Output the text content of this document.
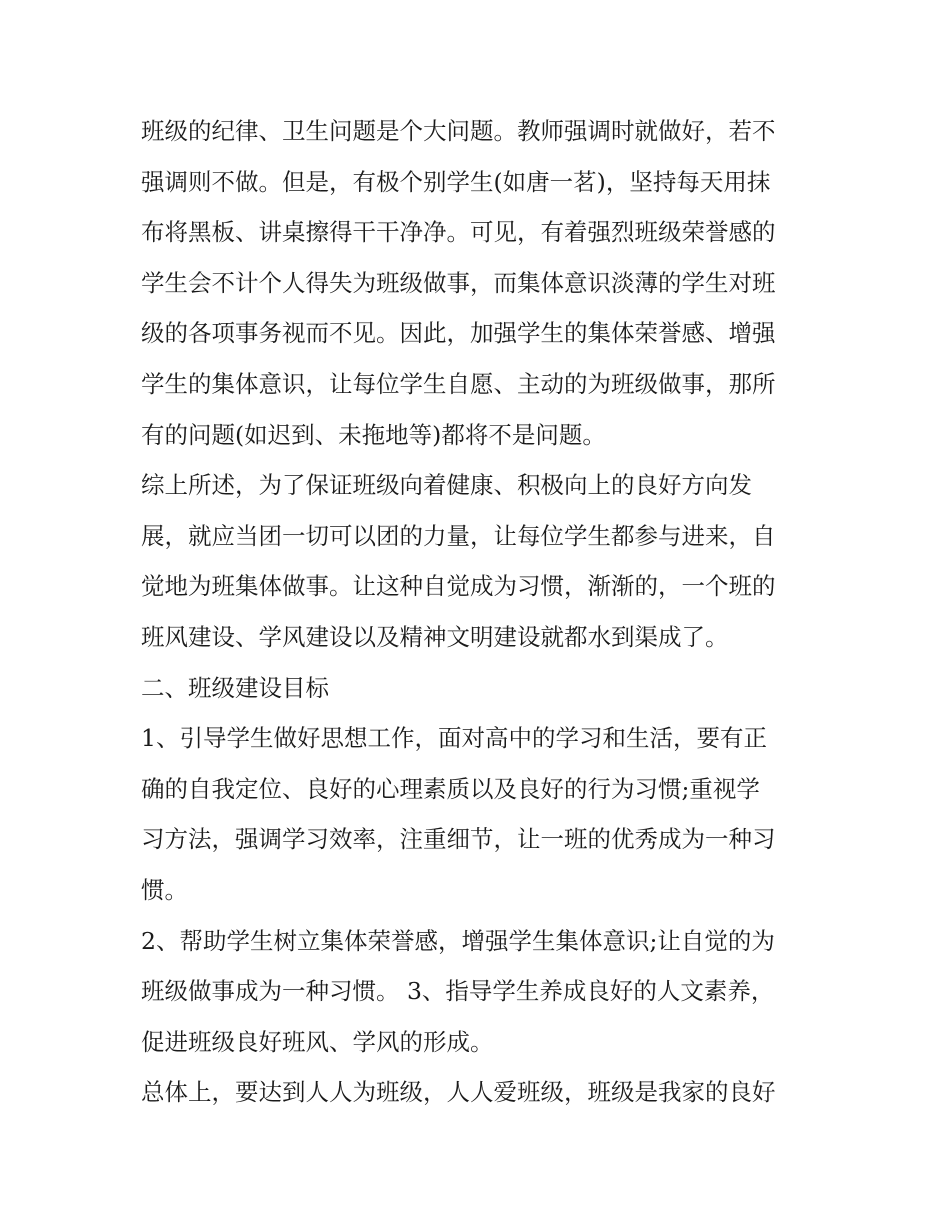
班级的纪律、卫生问题是个大问题。教师强调时就做好，若不
强调则不做。但是，有极个别学生(如唐一茗)，坚持每天用抹
布将黑板、讲桌擦得干干净净。可见，有着强烈班级荣誉感的
学生会不计个人得失为班级做事，而集体意识淡薄的学生对班
级的各项事务视而不见。因此，加强学生的集体荣誉感、增强
学生的集体意识，让每位学生自愿、主动的为班级做事，那所
有的问题(如迟到、未拖地等)都将不是问题。
综上所述，为了保证班级向着健康、积极向上的良好方向发
展，就应当团一切可以团的力量，让每位学生都参与进来，自
觉地为班集体做事。让这种自觉成为习惯，渐渐的，一个班的
班风建设、学风建设以及精神文明建设就都水到渠成了。
二、班级建设目标
1、引导学生做好思想工作，面对高中的学习和生活，要有正
确的自我定位、良好的心理素质以及良好的行为习惯;重视学
习方法，强调学习效率，注重细节，让一班的优秀成为一种习
惯。
2、帮助学生树立集体荣誉感，增强学生集体意识;让自觉的为
班级做事成为一种习惯。 3、指导学生养成良好的人文素养，
促进班级良好班风、学风的形成。
总体上，要达到人人为班级，人人爱班级，班级是我家的良好
